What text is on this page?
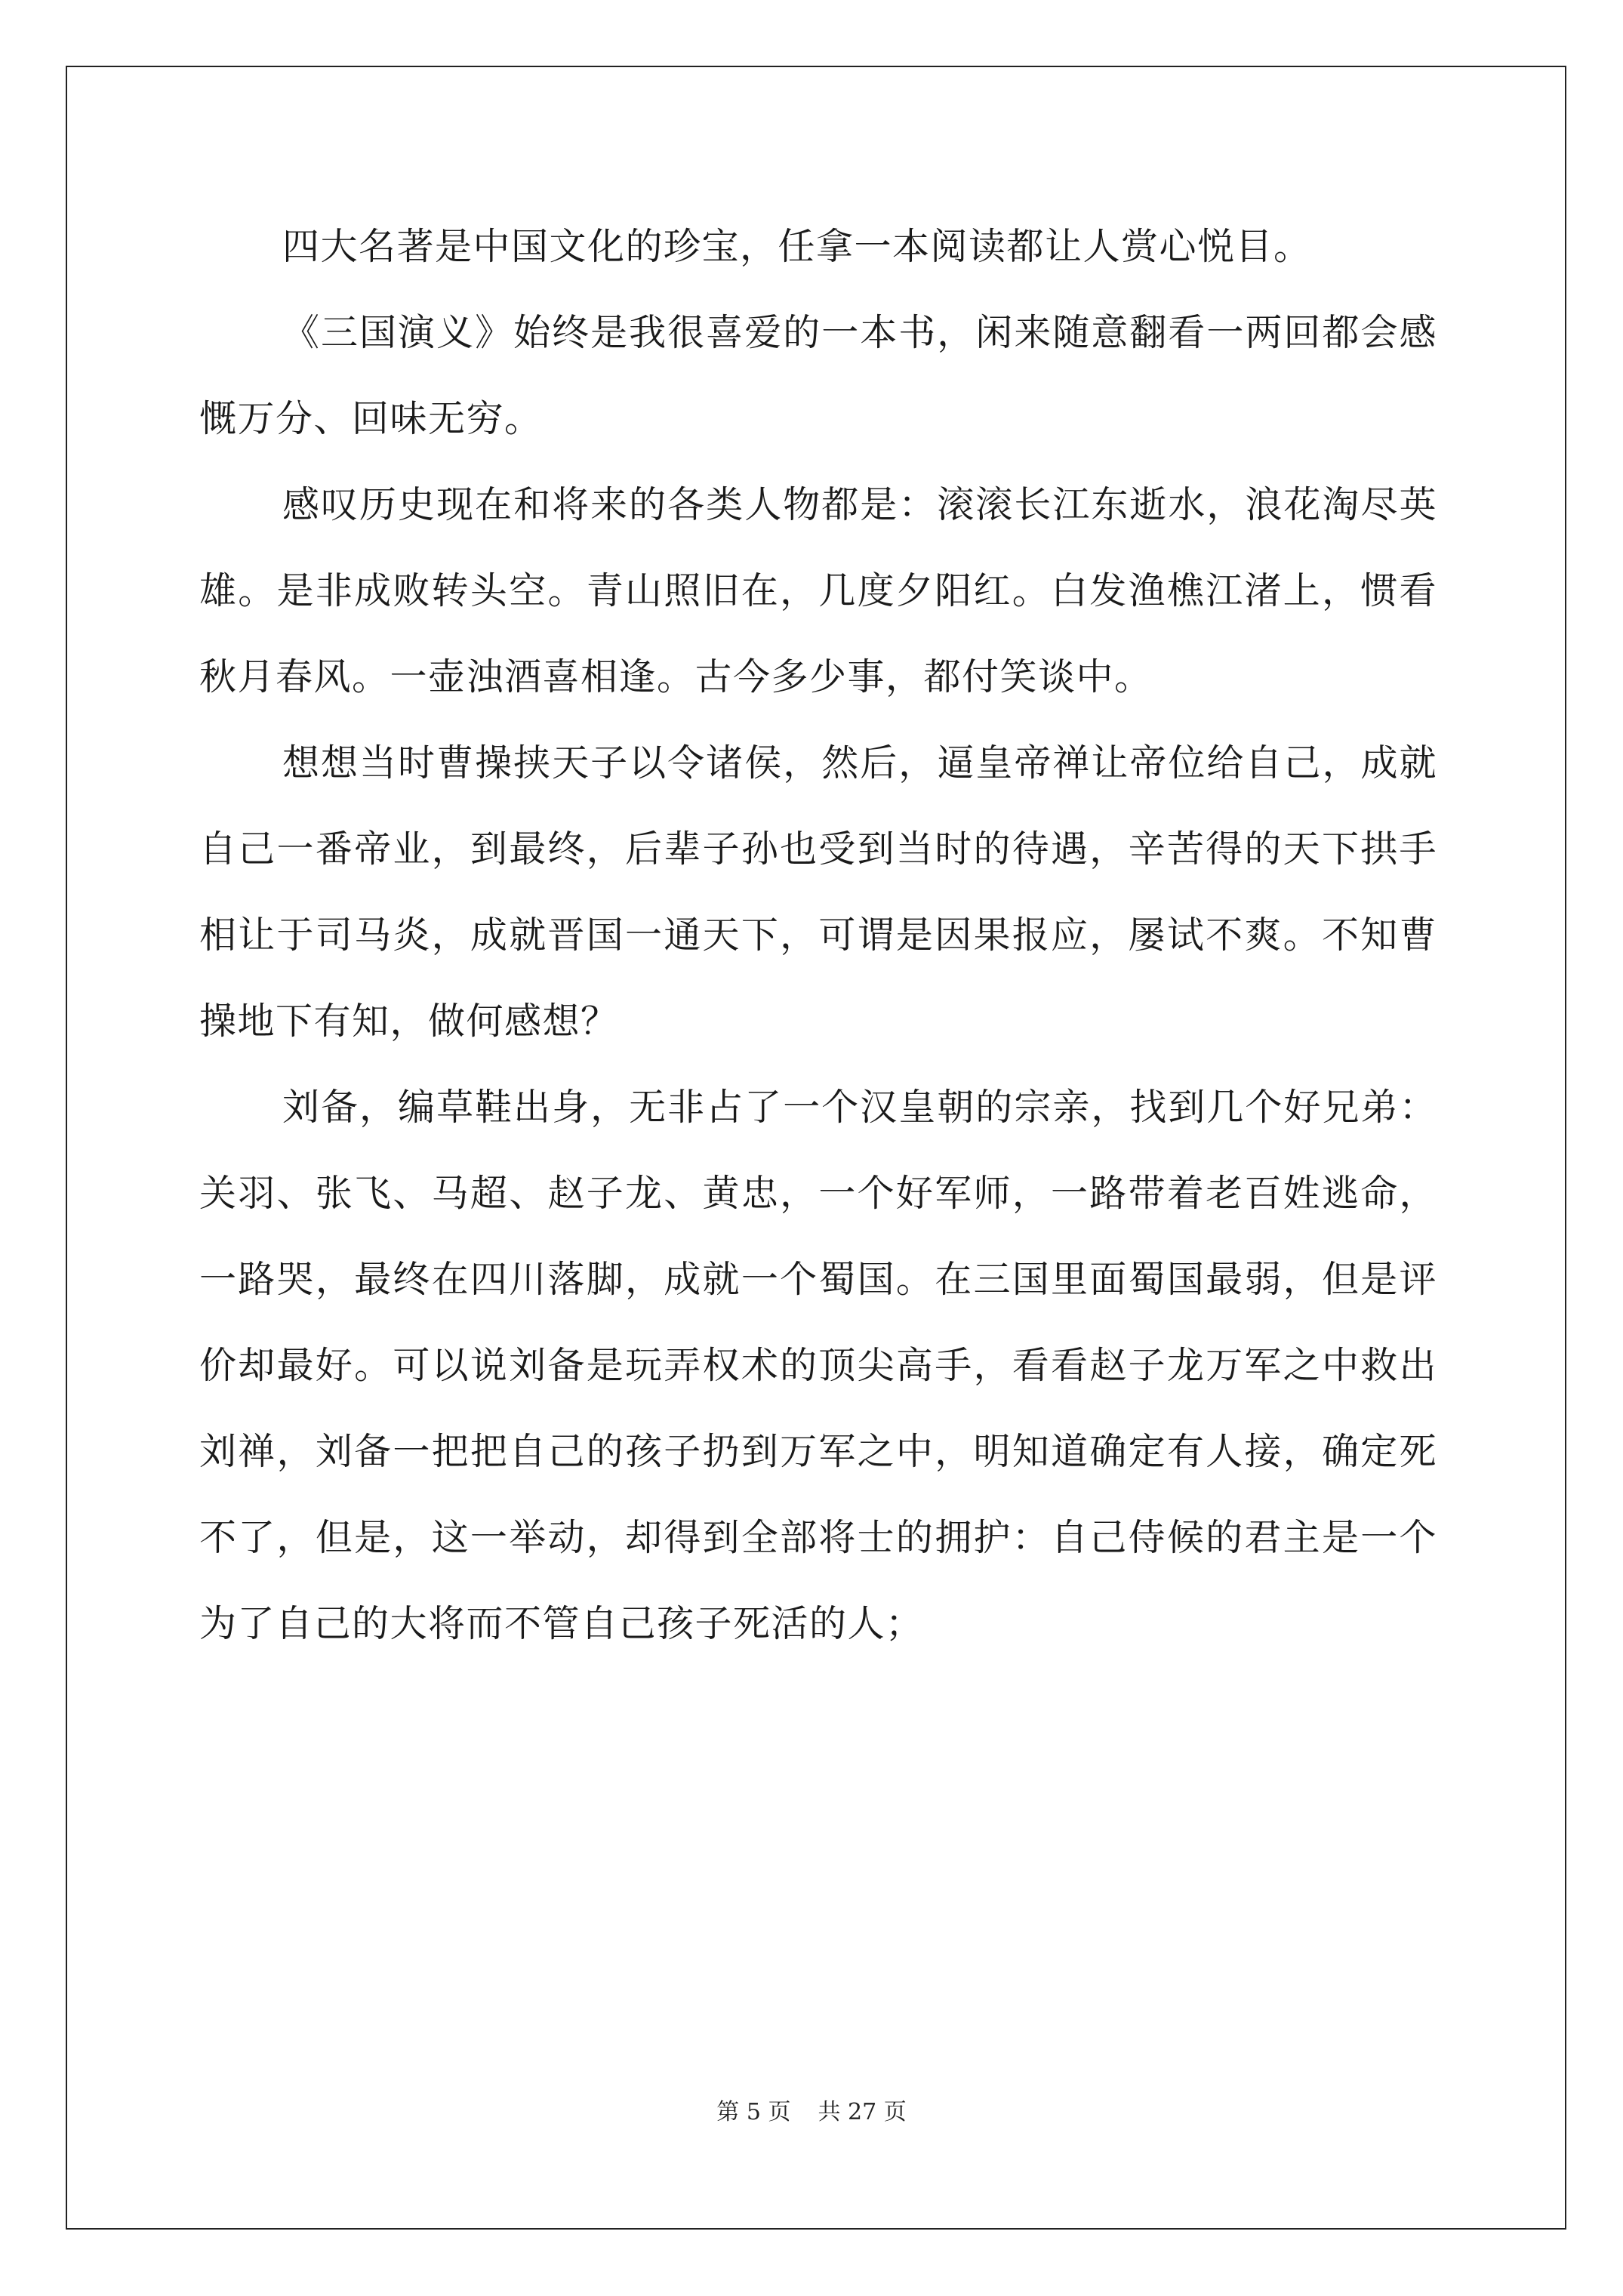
四大名著是中国文化的珍宝，任拿一本阅读都让人赏心悦目。

《三国演义》始终是我很喜爱的一本书，闲来随意翻看一两回都会感慨万分、回味无穷。

感叹历史现在和将来的各类人物都是：滚滚长江东逝水，浪花淘尽英雄。是非成败转头空。青山照旧在，几度夕阳红。白发渔樵江渚上，惯看秋月春风。一壶浊酒喜相逢。古今多少事，都付笑谈中。

想想当时曹操挟天子以令诸侯，然后，逼皇帝禅让帝位给自己，成就自己一番帝业，到最终，后辈子孙也受到当时的待遇，辛苦得的天下拱手相让于司马炎，成就晋国一通天下，可谓是因果报应，屡试不爽。不知曹操地下有知，做何感想？

刘备，编草鞋出身，无非占了一个汉皇朝的宗亲，找到几个好兄弟：关羽、张飞、马超、赵子龙、黄忠，一个好军师，一路带着老百姓逃命，一路哭，最终在四川落脚，成就一个蜀国。在三国里面蜀国最弱，但是评价却最好。可以说刘备是玩弄权术的顶尖高手，看看赵子龙万军之中救出刘禅，刘备一把把自己的孩子扔到万军之中，明知道确定有人接，确定死不了，但是，这一举动，却得到全部将士的拥护：自己侍候的君主是一个为了自己的大将而不管自己孩子死活的人；

第 5 页 共 27 页
